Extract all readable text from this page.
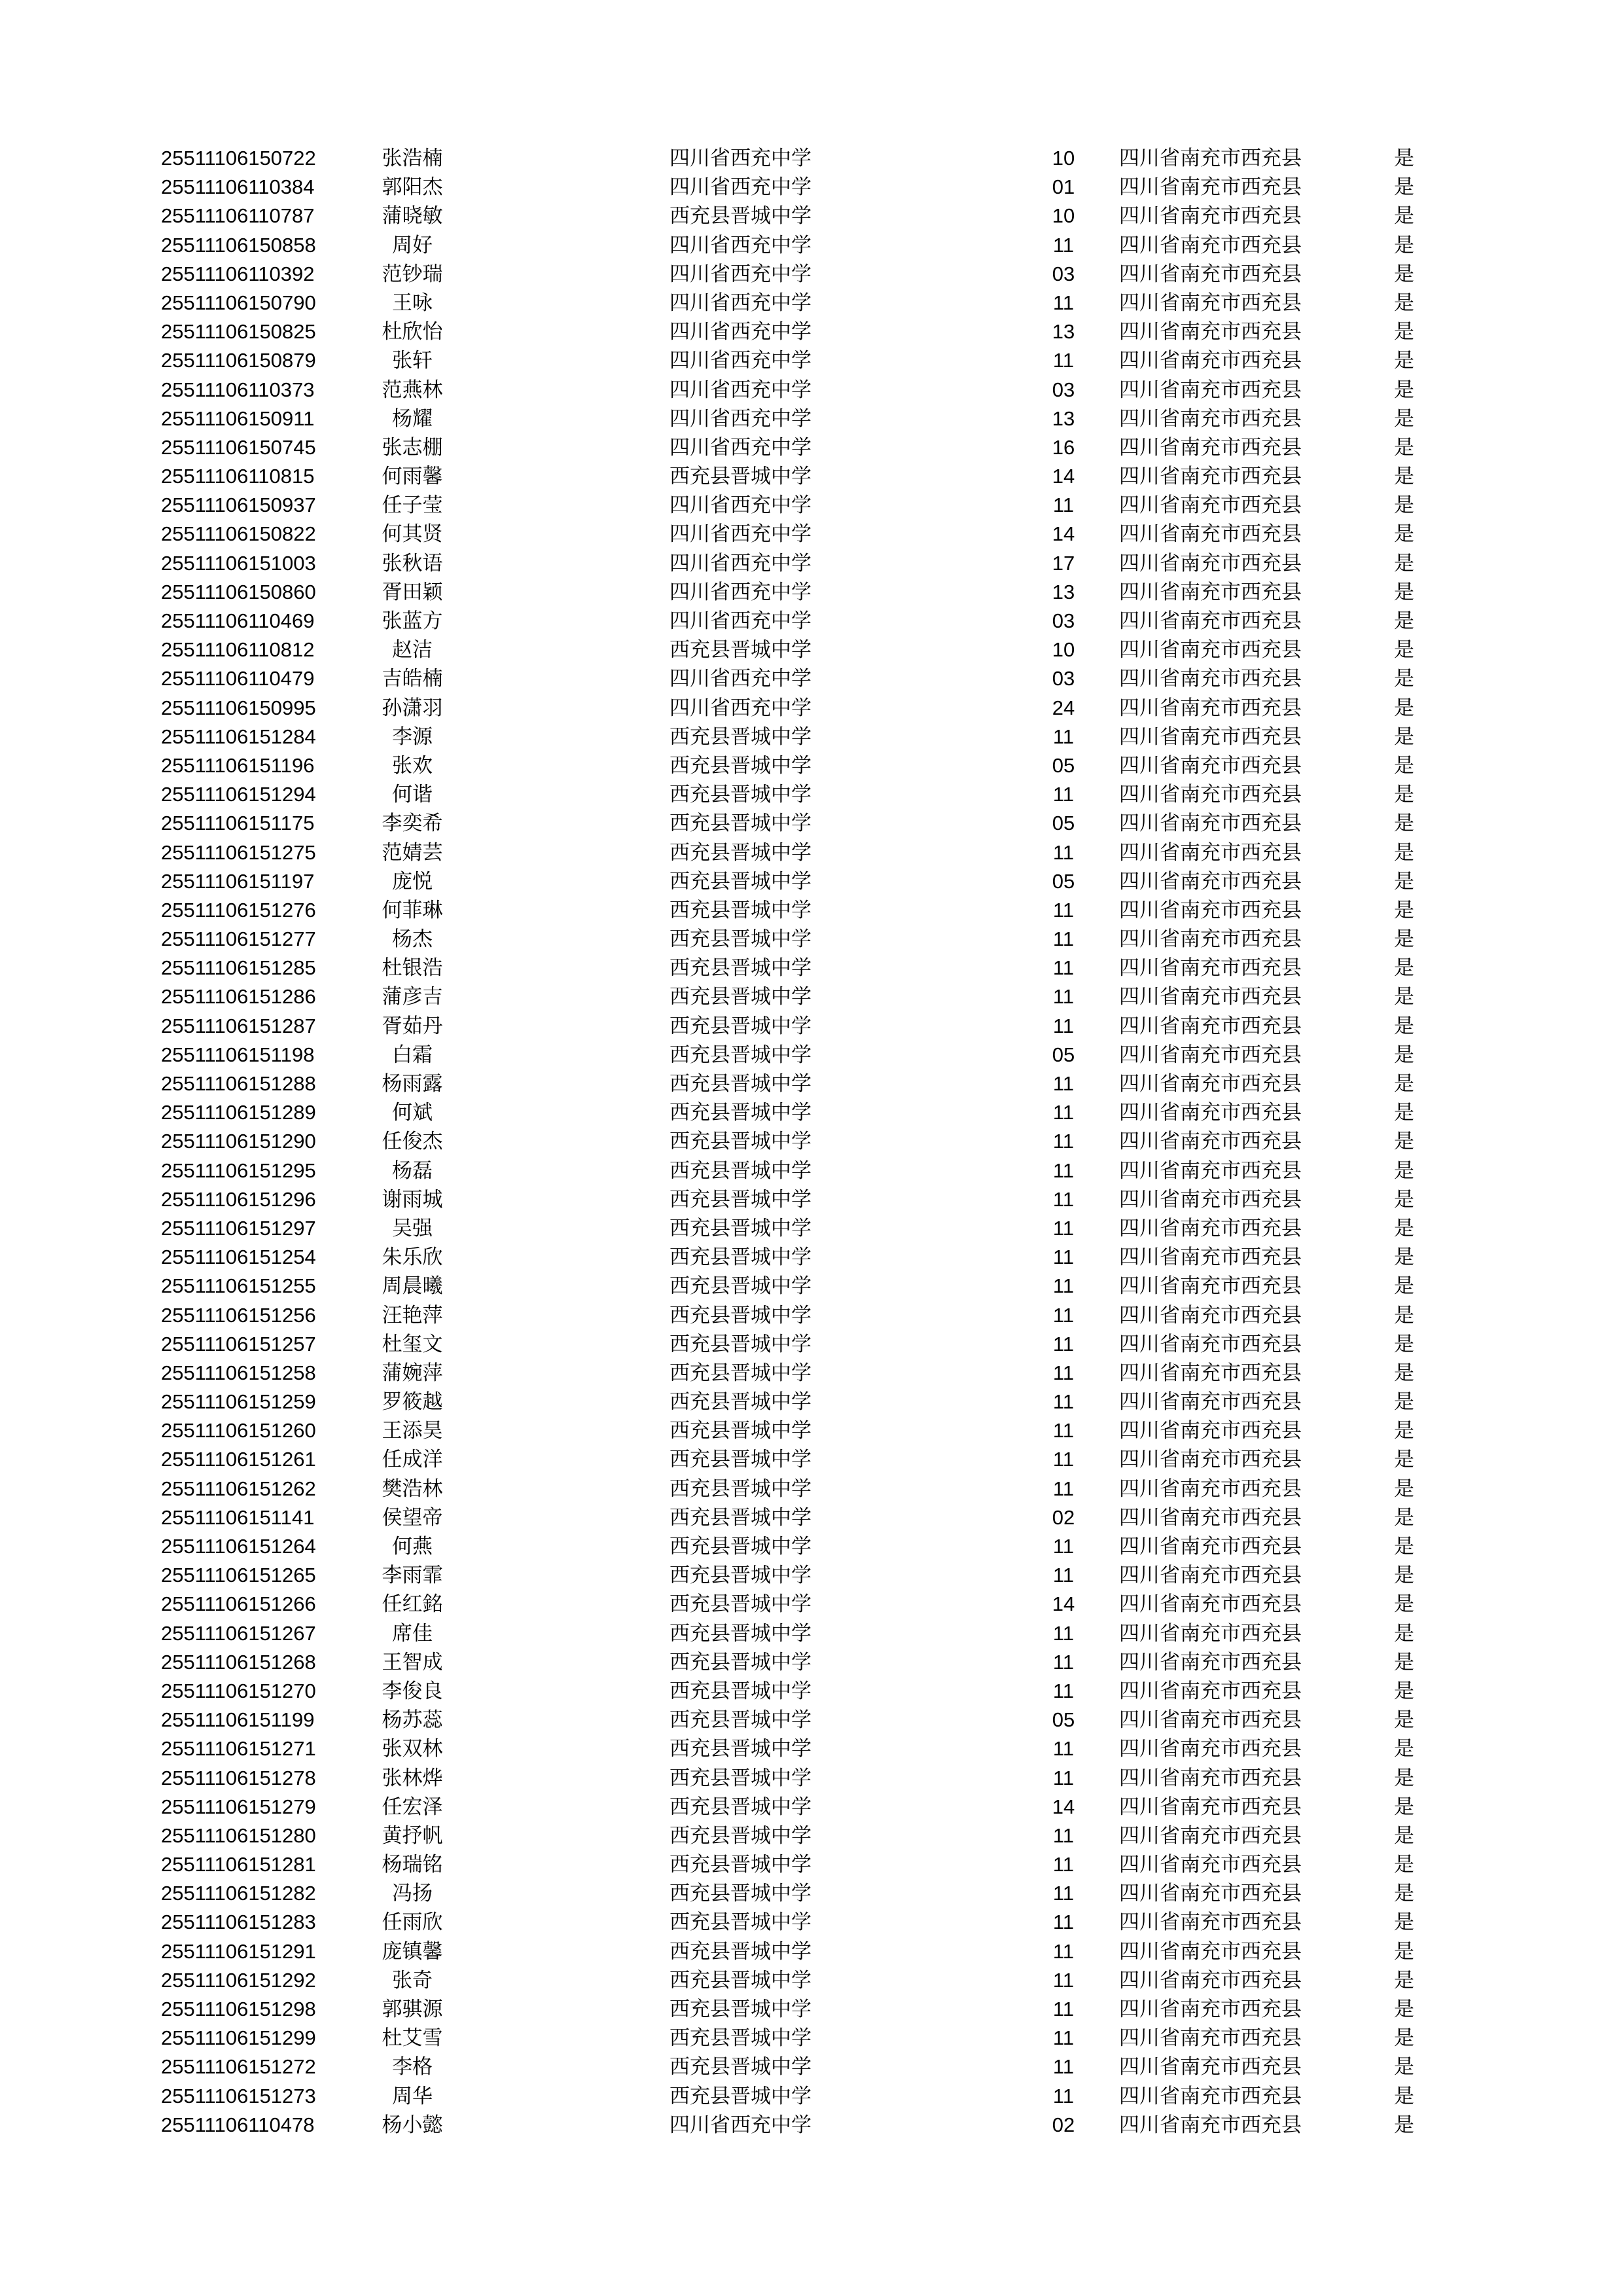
25511106150722	张浩楠	四川省西充中学	10	四川省南充市西充县	是
25511106110384	郭阳杰	四川省西充中学	01	四川省南充市西充县	是
25511106110787	蒲晓敏	西充县晋城中学	10	四川省南充市西充县	是
25511106150858	周好	四川省西充中学	11	四川省南充市西充县	是
25511106110392	范钞瑞	四川省西充中学	03	四川省南充市西充县	是
25511106150790	王咏	四川省西充中学	11	四川省南充市西充县	是
25511106150825	杜欣怡	四川省西充中学	13	四川省南充市西充县	是
25511106150879	张轩	四川省西充中学	11	四川省南充市西充县	是
25511106110373	范燕林	四川省西充中学	03	四川省南充市西充县	是
25511106150911	杨耀	四川省西充中学	13	四川省南充市西充县	是
25511106150745	张志棚	四川省西充中学	16	四川省南充市西充县	是
25511106110815	何雨馨	西充县晋城中学	14	四川省南充市西充县	是
25511106150937	任子莹	四川省西充中学	11	四川省南充市西充县	是
25511106150822	何其贤	四川省西充中学	14	四川省南充市西充县	是
25511106151003	张秋语	四川省西充中学	17	四川省南充市西充县	是
25511106150860	胥田颖	四川省西充中学	13	四川省南充市西充县	是
25511106110469	张蓝方	四川省西充中学	03	四川省南充市西充县	是
25511106110812	赵洁	西充县晋城中学	10	四川省南充市西充县	是
25511106110479	吉皓楠	四川省西充中学	03	四川省南充市西充县	是
25511106150995	孙潇羽	四川省西充中学	24	四川省南充市西充县	是
25511106151284	李源	西充县晋城中学	11	四川省南充市西充县	是
25511106151196	张欢	西充县晋城中学	05	四川省南充市西充县	是
25511106151294	何谐	西充县晋城中学	11	四川省南充市西充县	是
25511106151175	李奕希	西充县晋城中学	05	四川省南充市西充县	是
25511106151275	范婧芸	西充县晋城中学	11	四川省南充市西充县	是
25511106151197	庞悦	西充县晋城中学	05	四川省南充市西充县	是
25511106151276	何菲琳	西充县晋城中学	11	四川省南充市西充县	是
25511106151277	杨杰	西充县晋城中学	11	四川省南充市西充县	是
25511106151285	杜银浩	西充县晋城中学	11	四川省南充市西充县	是
25511106151286	蒲彦吉	西充县晋城中学	11	四川省南充市西充县	是
25511106151287	胥茹丹	西充县晋城中学	11	四川省南充市西充县	是
25511106151198	白霜	西充县晋城中学	05	四川省南充市西充县	是
25511106151288	杨雨露	西充县晋城中学	11	四川省南充市西充县	是
25511106151289	何斌	西充县晋城中学	11	四川省南充市西充县	是
25511106151290	任俊杰	西充县晋城中学	11	四川省南充市西充县	是
25511106151295	杨磊	西充县晋城中学	11	四川省南充市西充县	是
25511106151296	谢雨城	西充县晋城中学	11	四川省南充市西充县	是
25511106151297	吴强	西充县晋城中学	11	四川省南充市西充县	是
25511106151254	朱乐欣	西充县晋城中学	11	四川省南充市西充县	是
25511106151255	周晨曦	西充县晋城中学	11	四川省南充市西充县	是
25511106151256	汪艳萍	西充县晋城中学	11	四川省南充市西充县	是
25511106151257	杜玺文	西充县晋城中学	11	四川省南充市西充县	是
25511106151258	蒲婉萍	西充县晋城中学	11	四川省南充市西充县	是
25511106151259	罗筱越	西充县晋城中学	11	四川省南充市西充县	是
25511106151260	王添昊	西充县晋城中学	11	四川省南充市西充县	是
25511106151261	任成洋	西充县晋城中学	11	四川省南充市西充县	是
25511106151262	樊浩林	西充县晋城中学	11	四川省南充市西充县	是
25511106151141	侯望帝	西充县晋城中学	02	四川省南充市西充县	是
25511106151264	何燕	西充县晋城中学	11	四川省南充市西充县	是
25511106151265	李雨霏	西充县晋城中学	11	四川省南充市西充县	是
25511106151266	任红銘	西充县晋城中学	14	四川省南充市西充县	是
25511106151267	席佳	西充县晋城中学	11	四川省南充市西充县	是
25511106151268	王智成	西充县晋城中学	11	四川省南充市西充县	是
25511106151270	李俊良	西充县晋城中学	11	四川省南充市西充县	是
25511106151199	杨苏蕊	西充县晋城中学	05	四川省南充市西充县	是
25511106151271	张双林	西充县晋城中学	11	四川省南充市西充县	是
25511106151278	张林烨	西充县晋城中学	11	四川省南充市西充县	是
25511106151279	任宏泽	西充县晋城中学	14	四川省南充市西充县	是
25511106151280	黄抒帆	西充县晋城中学	11	四川省南充市西充县	是
25511106151281	杨瑞铭	西充县晋城中学	11	四川省南充市西充县	是
25511106151282	冯扬	西充县晋城中学	11	四川省南充市西充县	是
25511106151283	任雨欣	西充县晋城中学	11	四川省南充市西充县	是
25511106151291	庞镇馨	西充县晋城中学	11	四川省南充市西充县	是
25511106151292	张奇	西充县晋城中学	11	四川省南充市西充县	是
25511106151298	郭骐源	西充县晋城中学	11	四川省南充市西充县	是
25511106151299	杜艾雪	西充县晋城中学	11	四川省南充市西充县	是
25511106151272	李格	西充县晋城中学	11	四川省南充市西充县	是
25511106151273	周华	西充县晋城中学	11	四川省南充市西充县	是
25511106110478	杨小懿	四川省西充中学	02	四川省南充市西充县	是
